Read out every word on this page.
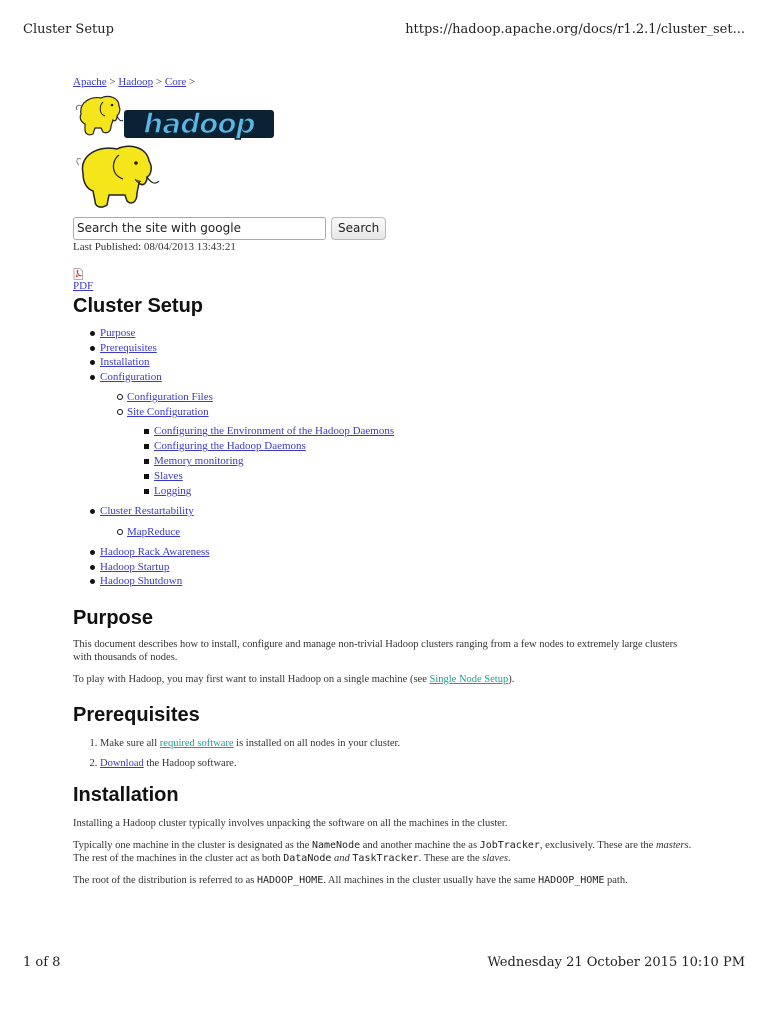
Cluster Setup	https://hadoop.apache.org/docs/r1.2.1/cluster_set...
Apache > Hadoop > Core >
hadoop
Search the site with google
Search
Last Published: 08/04/2013 13:43:21
PDF
Cluster Setup
Purpose
Prerequisites
Installation
Configuration
Configuration Files
Site Configuration
Configuring the Environment of the Hadoop Daemons
Configuring the Hadoop Daemons
Memory monitoring
Slaves
Logging
Cluster Restartability
MapReduce
Hadoop Rack Awareness
Hadoop Startup
Hadoop Shutdown
Purpose

This document describes how to install, configure and manage non-trivial Hadoop clusters ranging from a few nodes to extremely large clusters with thousands of nodes.

To play with Hadoop, you may first want to install Hadoop on a single machine (see Single Node Setup).

Prerequisites
1. Make sure all required software is installed on all nodes in your cluster.
2. Download the Hadoop software.
Installation

Installing a Hadoop cluster typically involves unpacking the software on all the machines in the cluster.

Typically one machine in the cluster is designated as the NameNode and another machine the as JobTracker, exclusively. These are the masters. The rest of the machines in the cluster act as both DataNode and TaskTracker. These are the slaves.

The root of the distribution is referred to as HADOOP_HOME. All machines in the cluster usually have the same HADOOP_HOME path.

1 of 8	Wednesday 21 October 2015 10:10 PM
